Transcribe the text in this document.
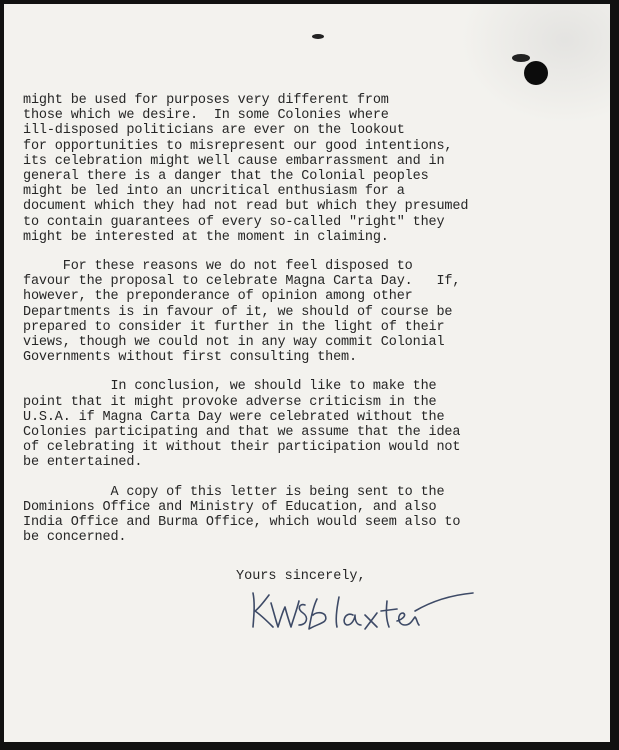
might be used for purposes very different from
those which we desire.  In some Colonies where
ill-disposed politicians are ever on the lookout
for opportunities to misrepresent our good intentions,
its celebration might well cause embarrassment and in
general there is a danger that the Colonial peoples
might be led into an uncritical enthusiasm for a
document which they had not read but which they presumed
to contain guarantees of every so-called "right" they
might be interested at the moment in claiming.
For these reasons we do not feel disposed to
favour the proposal to celebrate Magna Carta Day.   If,
however, the preponderance of opinion among other
Departments is in favour of it, we should of course be
prepared to consider it further in the light of their
views, though we could not in any way commit Colonial
Governments without first consulting them.
In conclusion, we should like to make the
point that it might provoke adverse criticism in the
U.S.A. if Magna Carta Day were celebrated without the
Colonies participating and that we assume that the idea
of celebrating it without their participation would not
be entertained.
A copy of this letter is being sent to the
Dominions Office and Ministry of Education, and also
India Office and Burma Office, which would seem also to
be concerned.
Yours sincerely,
